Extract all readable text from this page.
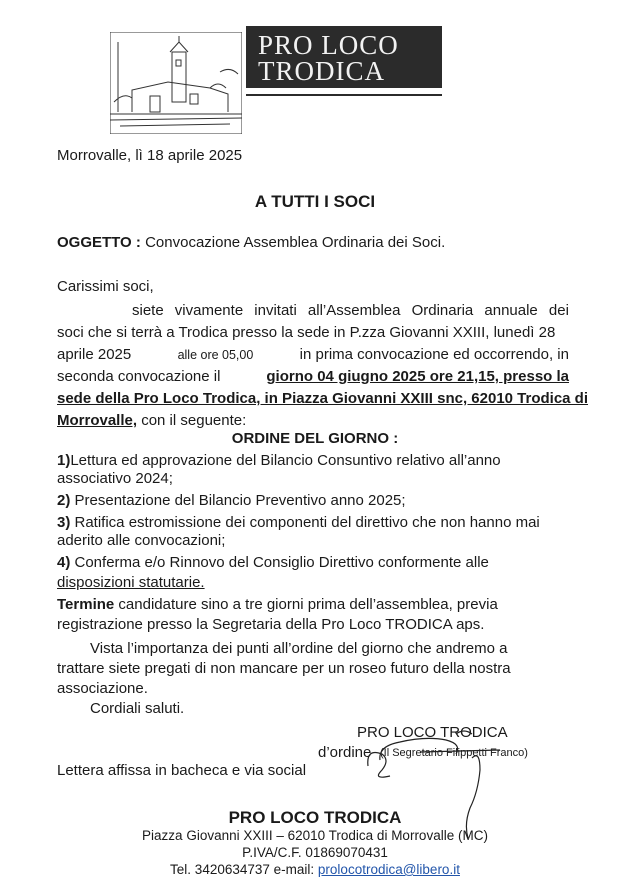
PRO LOCO
TRODICA
Morrovalle, lì 18 aprile 2025
A TUTTI I SOCI
OGGETTO : Convocazione Assemblea Ordinaria dei Soci.
Carissimi soci,
siete vivamente invitati all’Assemblea Ordinaria annuale dei
soci che si terrà a Trodica presso la sede in P.zza Giovanni XXIII, lunedì 28
aprile 2025	alle ore 05,00	in prima convocazione ed occorrendo, in
seconda convocazione il	giorno 04 giugno 2025 ore 21,15, presso la
sede della Pro Loco Trodica, in Piazza Giovanni XXIII snc, 62010 Trodica di
Morrovalle, con il seguente:
ORDINE DEL GIORNO :
1)Lettura ed approvazione del Bilancio Consuntivo relativo all’anno
associativo 2024;
2) Presentazione del Bilancio Preventivo anno 2025;
3) Ratifica estromissione dei componenti del direttivo che non hanno mai
aderito alle convocazioni;
4) Conferma e/o Rinnovo del Consiglio Direttivo conformente alle
disposizioni statutarie.
Termine candidature sino a tre giorni prima dell’assemblea, previa
registrazione presso la Segretaria della Pro Loco TRODICA aps.
Vista l’importanza dei punti all’ordine del giorno che andremo a
trattare siete pregati di non mancare per un roseo futuro della nostra
associazione.
Cordiali saluti.
PRO LOCO TRODICA
d’ordine (Il Segretario Filippetti Franco)
Lettera affissa in bacheca e via social
PRO LOCO TRODICA
Piazza Giovanni XXIII – 62010 Trodica di Morrovalle (MC)
P.IVA/C.F. 01869070431
Tel. 3420634737 e-mail: prolocotrodica@libero.it
